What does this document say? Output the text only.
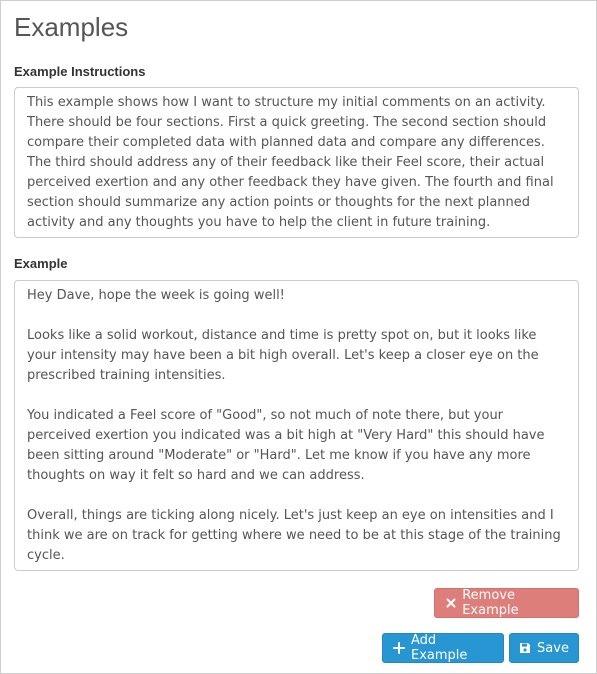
Examples
Example Instructions
This example shows how I want to structure my initial comments on an activity. There should be four sections. First a quick greeting. The second section should compare their completed data with planned data and compare any differences. The third should address any of their feedback like their Feel score, their actual perceived exertion and any other feedback they have given. The fourth and final section should summarize any action points or thoughts for the next planned activity and any thoughts you have to help the client in future training.
Example
Hey Dave, hope the week is going well!

Looks like a solid workout, distance and time is pretty spot on, but it looks like your intensity may have been a bit high overall. Let's keep a closer eye on the prescribed training intensities.

You indicated a Feel score of "Good", so not much of note there, but your perceived exertion you indicated was a bit high at "Very Hard" this should have been sitting around "Moderate" or "Hard". Let me know if you have any more thoughts on way it felt so hard and we can address.

Overall, things are ticking along nicely. Let's just keep an eye on intensities and I think we are on track for getting where we need to be at this stage of the training cycle.
Remove Example
Add Example	Save
